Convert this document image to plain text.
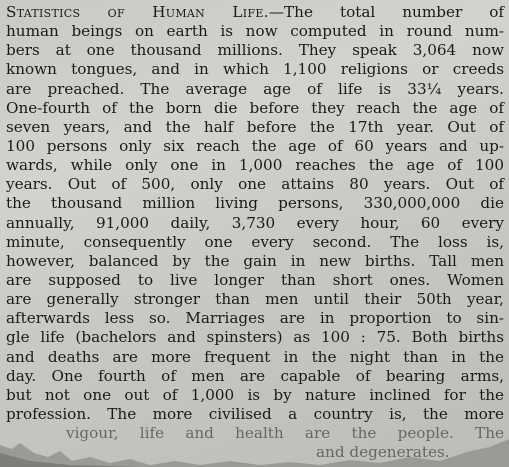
Statistics of Human Life.—The total number of
human beings on earth is now computed in round num-
bers at one thousand millions. They speak 3,064 now
known tongues, and in which 1,100 religions or creeds
are preached. The average age of life is 33¼ years.
One-fourth of the born die before they reach the age of
seven years, and the half before the 17th year. Out of
100 persons only six reach the age of 60 years and up-
wards, while only one in 1,000 reaches the age of 100
years. Out of 500, only one attains 80 years. Out of
the thousand million living persons, 330,000,000 die
annually, 91,000 daily, 3,730 every hour, 60 every
minute, consequently one every second. The loss is,
however, balanced by the gain in new births. Tall men
are supposed to live longer than short ones. Women
are generally stronger than men until their 50th year,
afterwards less so. Marriages are in proportion to sin-
gle life (bachelors and spinsters) as 100 : 75. Both births
and deaths are more frequent in the night than in the
day. One fourth of men are capable of bearing arms,
but not one out of 1,000 is by nature inclined for the
profession. The more civilised a country is, the more
vigour, life and health are the people. The
and degenerates.
